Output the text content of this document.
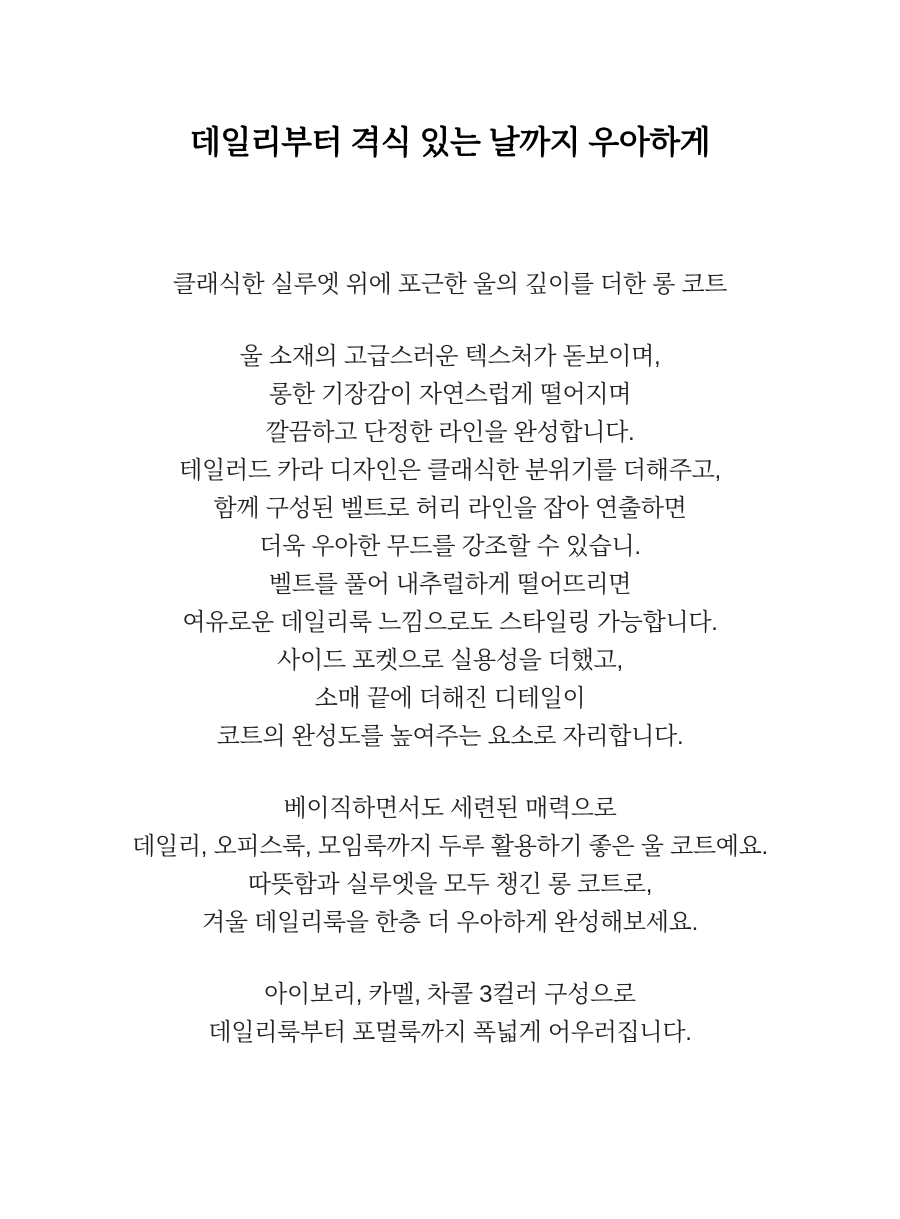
데일리부터 격식 있는 날까지 우아하게

클래식한 실루엣 위에 포근한 울의 깊이를 더한 롱 코트

울 소재의 고급스러운 텍스처가 돋보이며,
롱한 기장감이 자연스럽게 떨어지며
깔끔하고 단정한 라인을 완성합니다.
테일러드 카라 디자인은 클래식한 분위기를 더해주고,
함께 구성된 벨트로 허리 라인을 잡아 연출하면
더욱 우아한 무드를 강조할 수 있습니.
벨트를 풀어 내추럴하게 떨어뜨리면
여유로운 데일리룩 느낌으로도 스타일링 가능합니다.
사이드 포켓으로 실용성을 더했고,
소매 끝에 더해진 디테일이
코트의 완성도를 높여주는 요소로 자리합니다.

베이직하면서도 세련된 매력으로
데일리, 오피스룩, 모임룩까지 두루 활용하기 좋은 울 코트예요.
따뜻함과 실루엣을 모두 챙긴 롱 코트로,
겨울 데일리룩을 한층 더 우아하게 완성해보세요.

아이보리, 카멜, 차콜 3컬러 구성으로
데일리룩부터 포멀룩까지 폭넓게 어우러집니다.
